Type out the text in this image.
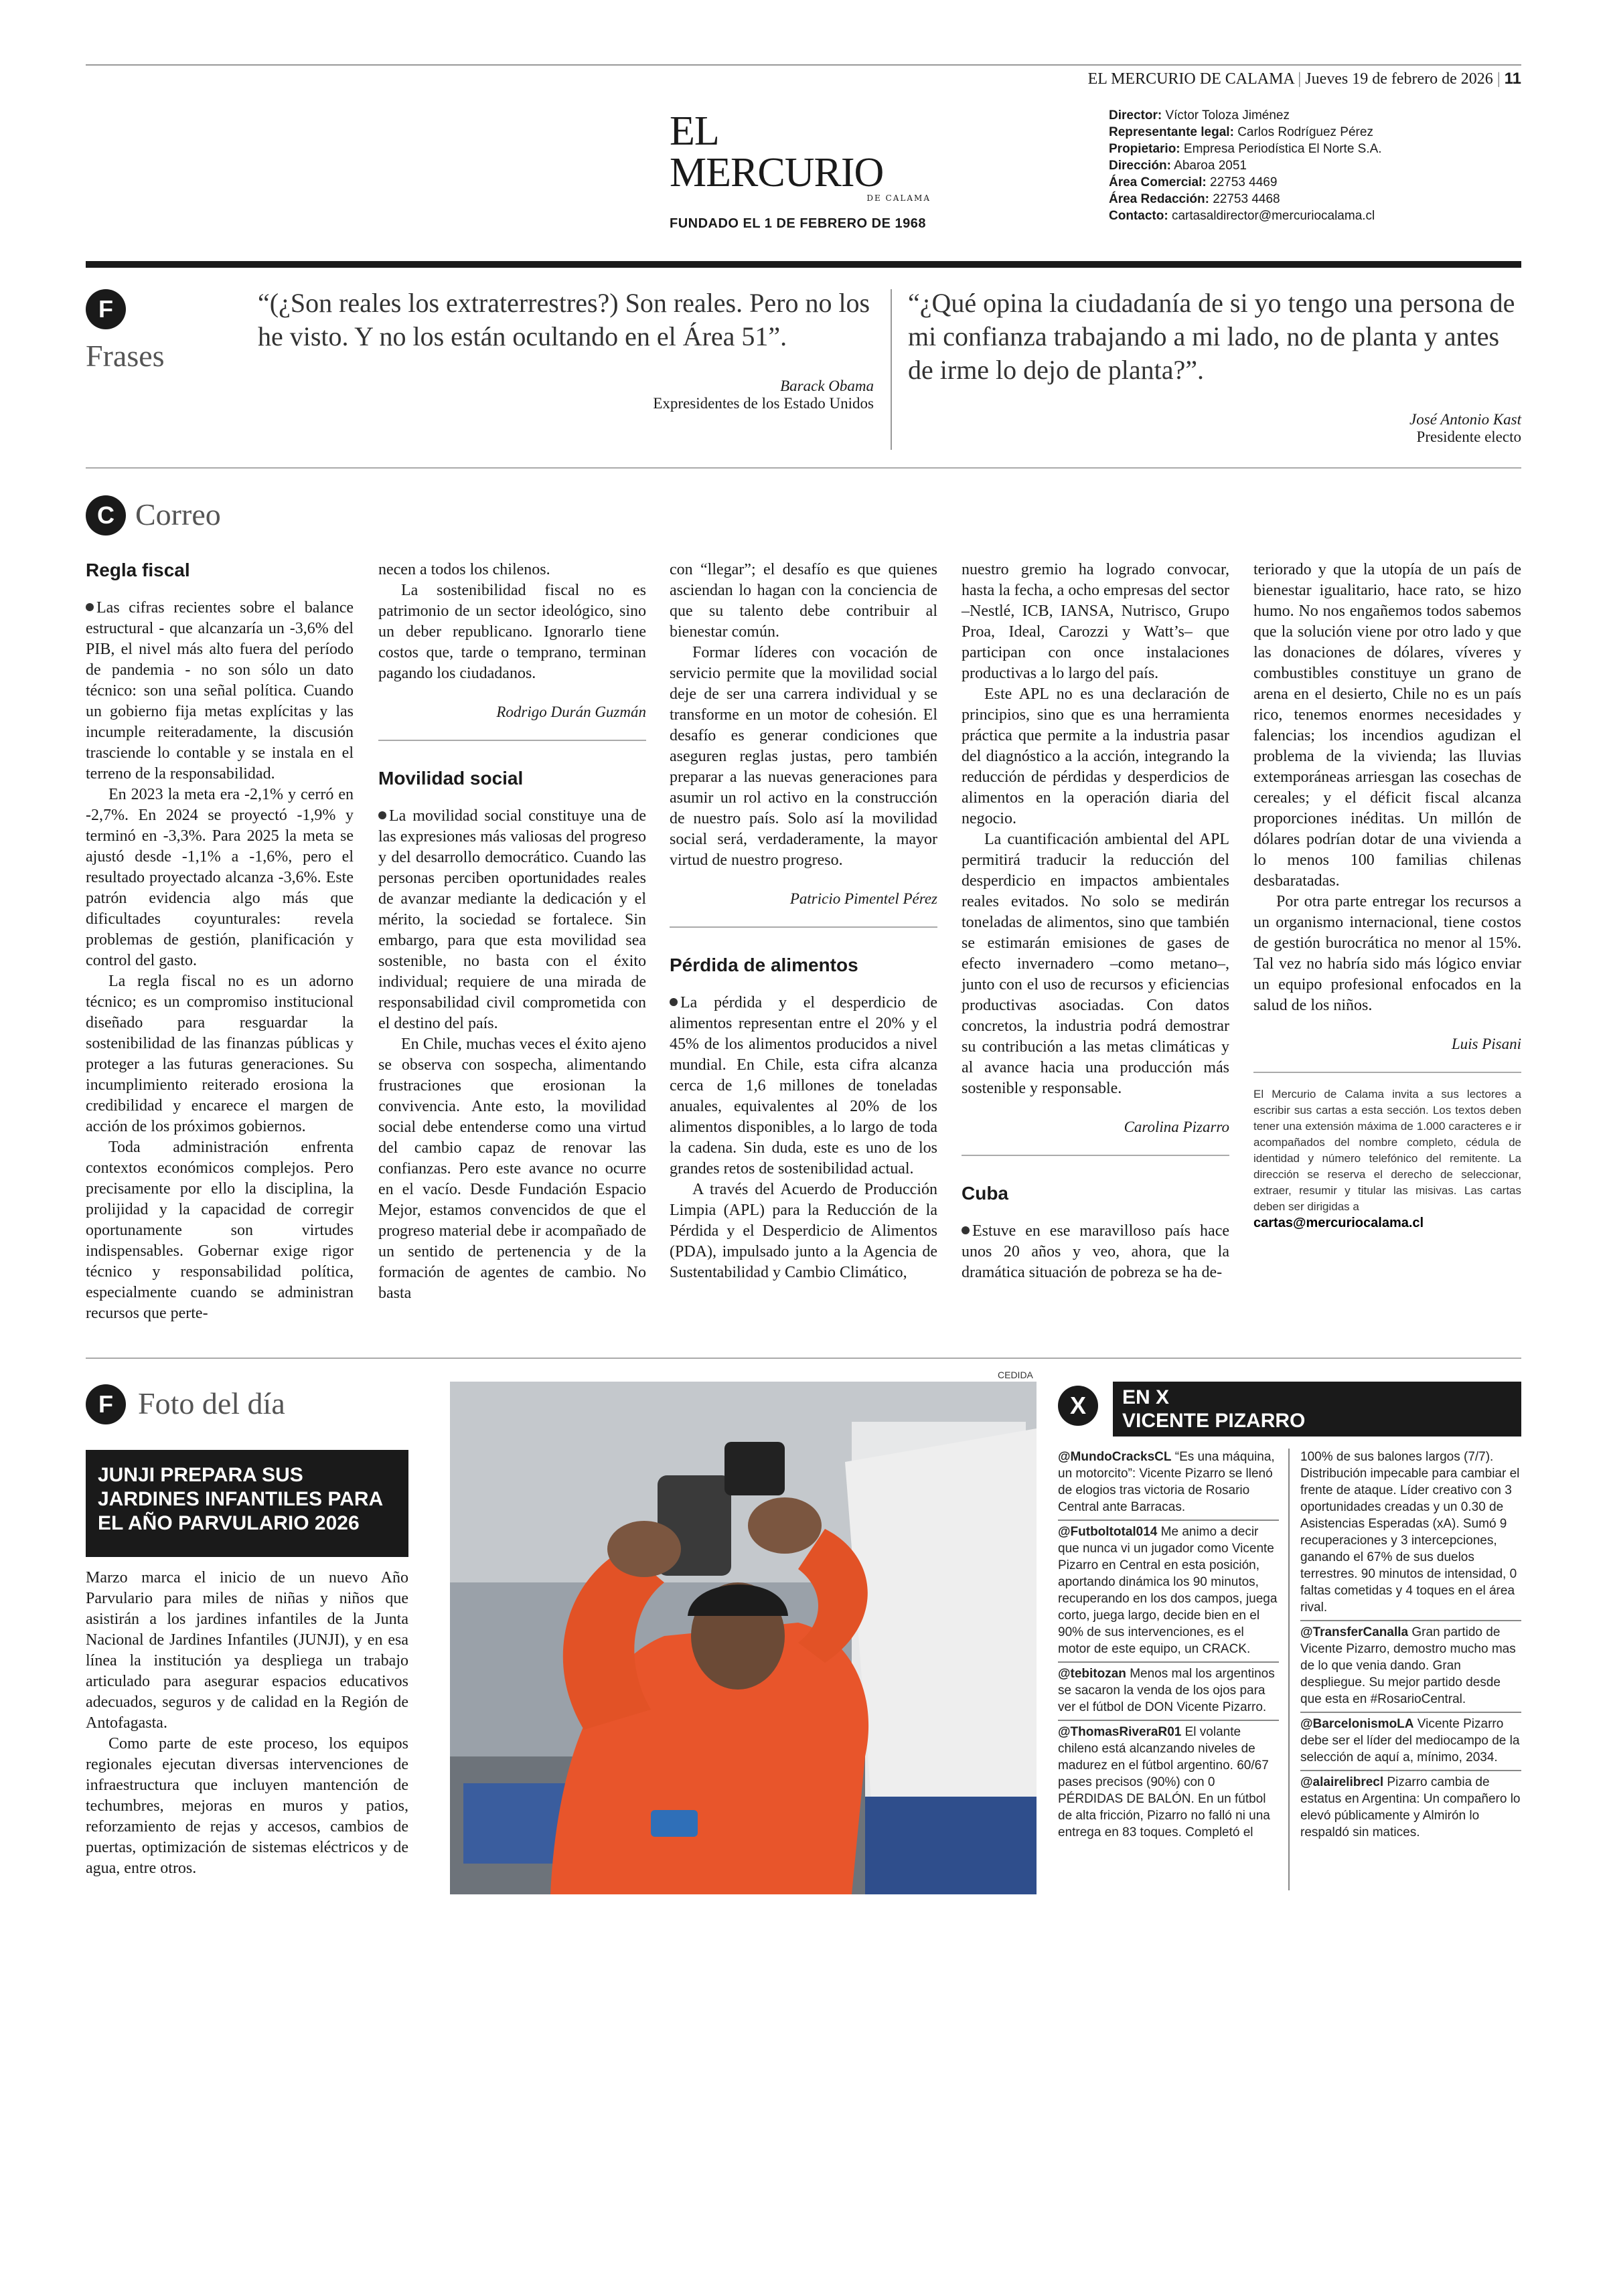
EL MERCURIO DE CALAMA | Jueves 19 de febrero de 2026 | 11
EL MERCURIO
DE CALAMA
FUNDADO EL 1 DE FEBRERO DE 1968
Director: Víctor Toloza Jiménez
Representante legal: Carlos Rodríguez Pérez
Propietario: Empresa Periodística El Norte S.A.
Dirección: Abaroa 2051
Área Comercial: 22753 4469
Área Redacción: 22753 4468
Contacto: cartasaldirector@mercuriocalama.cl
F
Frases
“(¿Son reales los extraterrestres?) Son reales. Pero no los he visto. Y no los están ocultando en el Área 51”.
Barack Obama
Expresidentes de los Estado Unidos
“¿Qué opina la ciudadanía de si yo tengo una persona de mi confianza trabajando a mi lado, no de planta y antes de irme lo dejo de planta?”.
José Antonio Kast
Presidente electo
C Correo
Regla fiscal

Las cifras recientes sobre el balance estructural - que alcanzaría un -3,6% del PIB, el nivel más alto fuera del período de pandemia - no son sólo un dato técnico: son una señal política. Cuando un gobierno fija metas explícitas y las incumple reiteradamente, la discusión trasciende lo contable y se instala en el terreno de la responsabilidad.

En 2023 la meta era -2,1% y cerró en -2,7%. En 2024 se proyectó -1,9% y terminó en -3,3%. Para 2025 la meta se ajustó desde -1,1% a -1,6%, pero el resultado proyectado alcanza -3,6%. Este patrón evidencia algo más que dificultades coyunturales: revela problemas de gestión, planificación y control del gasto.

La regla fiscal no es un adorno técnico; es un compromiso institucional diseñado para resguardar la sostenibilidad de las finanzas públicas y proteger a las futuras generaciones. Su incumplimiento reiterado erosiona la credibilidad y encarece el margen de acción de los próximos gobiernos.

Toda administración enfrenta contextos económicos complejos. Pero precisamente por ello la disciplina, la prolijidad y la capacidad de corregir oportunamente son virtudes indispensables. Gobernar exige rigor técnico y responsabilidad política, especialmente cuando se administran recursos que perte-

necen a todos los chilenos.

La sostenibilidad fiscal no es patrimonio de un sector ideológico, sino un deber republicano. Ignorarlo tiene costos que, tarde o temprano, terminan pagando los ciudadanos.

Rodrigo Durán Guzmán
Movilidad social

La movilidad social constituye una de las expresiones más valiosas del progreso y del desarrollo democrático. Cuando las personas perciben oportunidades reales de avanzar mediante la dedicación y el mérito, la sociedad se fortalece. Sin embargo, para que esta movilidad sea sostenible, no basta con el éxito individual; requiere de una mirada de responsabilidad civil comprometida con el destino del país.

En Chile, muchas veces el éxito ajeno se observa con sospecha, alimentando frustraciones que erosionan la convivencia. Ante esto, la movilidad social debe entenderse como una virtud del cambio capaz de renovar las confianzas. Pero este avance no ocurre en el vacío. Desde Fundación Espacio Mejor, estamos convencidos de que el progreso material debe ir acompañado de un sentido de pertenencia y de la formación de agentes de cambio. No basta

con “llegar”; el desafío es que quienes asciendan lo hagan con la conciencia de que su talento debe contribuir al bienestar común.

Formar líderes con vocación de servicio permite que la movilidad social deje de ser una carrera individual y se transforme en un motor de cohesión. El desafío es generar condiciones que aseguren reglas justas, pero también preparar a las nuevas generaciones para asumir un rol activo en la construcción de nuestro país. Solo así la movilidad social será, verdaderamente, la mayor virtud de nuestro progreso.

Patricio Pimentel Pérez
Pérdida de alimentos

La pérdida y el desperdicio de alimentos representan entre el 20% y el 45% de los alimentos producidos a nivel mundial. En Chile, esta cifra alcanza cerca de 1,6 millones de toneladas anuales, equivalentes al 20% de los alimentos disponibles, a lo largo de toda la cadena. Sin duda, este es uno de los grandes retos de sostenibilidad actual.

A través del Acuerdo de Producción Limpia (APL) para la Reducción de la Pérdida y el Desperdicio de Alimentos (PDA), impulsado junto a la Agencia de Sustentabilidad y Cambio Climático,

nuestro gremio ha logrado convocar, hasta la fecha, a ocho empresas del sector –Nestlé, ICB, IANSA, Nutrisco, Grupo Proa, Ideal, Carozzi y Watt’s– que participan con once instalaciones productivas a lo largo del país.

Este APL no es una declaración de principios, sino que es una herramienta práctica que permite a la industria pasar del diagnóstico a la acción, integrando la reducción de pérdidas y desperdicios de alimentos en la operación diaria del negocio.

La cuantificación ambiental del APL permitirá traducir la reducción del desperdicio en impactos ambientales reales evitados. No solo se medirán toneladas de alimentos, sino que también se estimarán emisiones de gases de efecto invernadero –como metano–, junto con el uso de recursos y eficiencias productivas asociadas. Con datos concretos, la industria podrá demostrar su contribución a las metas climáticas y al avance hacia una producción más sostenible y responsable.

Carolina Pizarro
Cuba

Estuve en ese maravilloso país hace unos 20 años y veo, ahora, que la dramática situación de pobreza se ha de-

teriorado y que la utopía de un país de bienestar igualitario, hace rato, se hizo humo. No nos engañemos todos sabemos que la solución viene por otro lado y que las donaciones de dólares, víveres y combustibles constituye un grano de arena en el desierto, Chile no es un país rico, tenemos enormes necesidades y falencias; los incendios agudizan el problema de la vivienda; las lluvias extemporáneas arriesgan las cosechas de cereales; y el déficit fiscal alcanza proporciones inéditas. Un millón de dólares podrían dotar de una vivienda a lo menos 100 familias chilenas desbaratadas.

Por otra parte entregar los recursos a un organismo internacional, tiene costos de gestión burocrática no menor al 15%. Tal vez no habría sido más lógico enviar un equipo profesional enfocados en la salud de los niños.

Luis Pisani
El Mercurio de Calama invita a sus lectores a escribir sus cartas a esta sección. Los textos deben tener una extensión máxima de 1.000 caracteres e ir acompañados del nombre completo, cédula de identidad y número telefónico del remitente. La dirección se reserva el derecho de seleccionar, extraer, resumir y titular las misivas. Las cartas deben ser dirigidas a
cartas@mercuriocalama.cl
F Foto del día
JUNJI PREPARA SUS JARDINES INFANTILES PARA EL AÑO PARVULARIO 2026

Marzo marca el inicio de un nuevo Año Parvulario para miles de niñas y niños que asistirán a los jardines infantiles de la Junta Nacional de Jardines Infantiles (JUNJI), y en esa línea la institución ya despliega un trabajo articulado para asegurar espacios educativos adecuados, seguros y de calidad en la Región de Antofagasta.

Como parte de este proceso, los equipos regionales ejecutan diversas intervenciones de infraestructura que incluyen mantención de techumbres, mejoras en muros y patios, reforzamiento de rejas y accesos, cambios de puertas, optimización de sistemas eléctricos y de agua, entre otros.

CEDIDA
X EN X
VICENTE PIZARRO
@MundoCracksCL “Es una máquina, un motorcito”: Vicente Pizarro se llenó de elogios tras victoria de Rosario Central ante Barracas.
@Futboltotal014 Me animo a decir que nunca vi un jugador como Vicente Pizarro en Central en esta posición, aportando dinámica los 90 minutos, recuperando en los dos campos, juega corto, juega largo, decide bien en el 90% de sus intervenciones, es el motor de este equipo, un CRACK.
@tebitozan Menos mal los argentinos se sacaron la venda de los ojos para ver el fútbol de DON Vicente Pizarro.
@ThomasRiveraR01 El volante chileno está alcanzando niveles de madurez en el fútbol argentino. 60/67 pases precisos (90%) con 0 PÉRDIDAS DE BALÓN. En un fútbol de alta fricción, Pizarro no falló ni una entrega en 83 toques. Completó el
100% de sus balones largos (7/7). Distribución impecable para cambiar el frente de ataque. Líder creativo con 3 oportunidades creadas y un 0.30 de Asistencias Esperadas (xA). Sumó 9 recuperaciones y 3 intercepciones, ganando el 67% de sus duelos terrestres. 90 minutos de intensidad, 0 faltas cometidas y 4 toques en el área rival.
@TransferCanalla Gran partido de Vicente Pizarro, demostro mucho mas de lo que venia dando. Gran despliegue. Su mejor partido desde que esta en #RosarioCentral.
@BarcelonismoLA Vicente Pizarro debe ser el líder del mediocampo de la selección de aquí a, mínimo, 2034.
@alairelibrecl Pizarro cambia de estatus en Argentina: Un compañero lo elevó públicamente y Almirón lo respaldó sin matices.
